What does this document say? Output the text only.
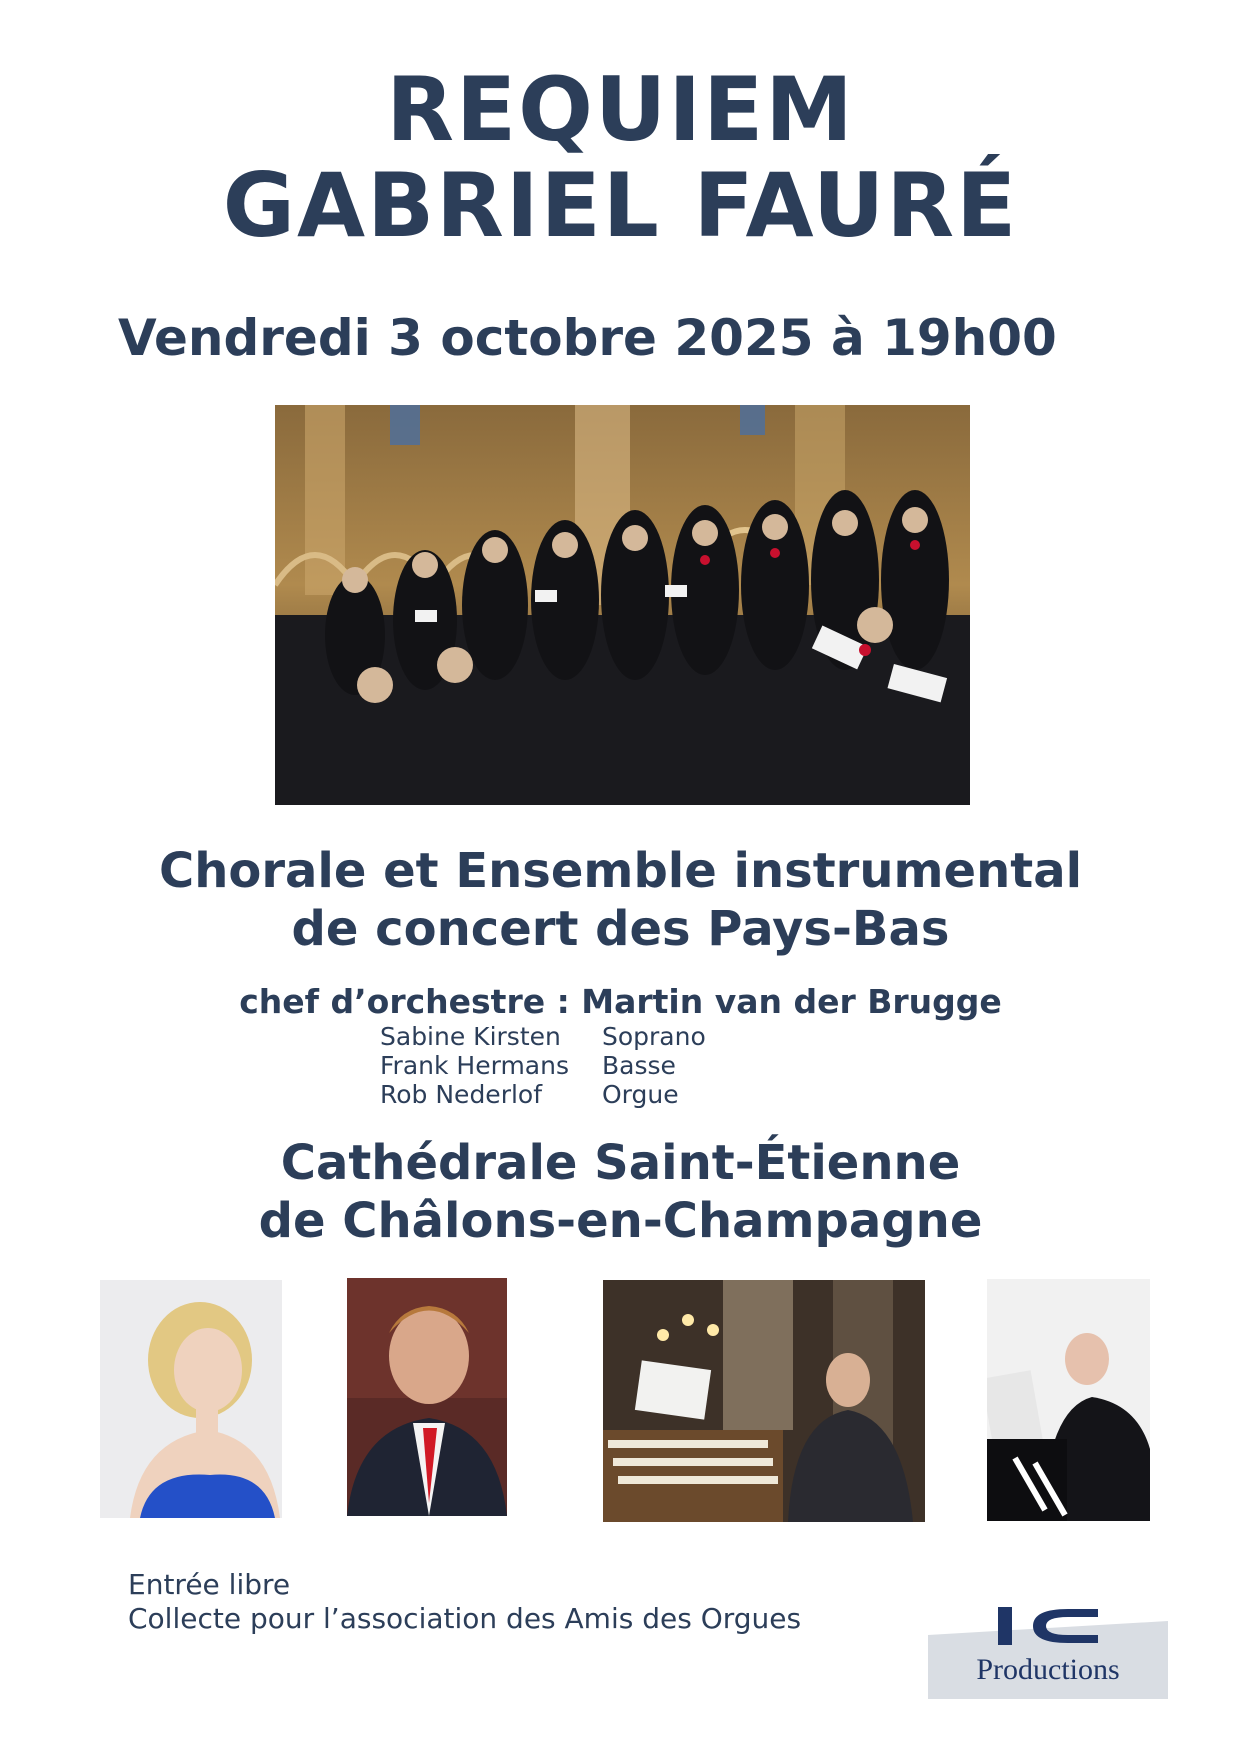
REQUIEM
GABRIEL FAURÉ
Vendredi 3 octobre 2025 à 19h00
Chorale et Ensemble instrumental
de concert des Pays-Bas
chef d’orchestre : Martin van der Brugge
Sabine Kirsten Soprano
Frank Hermans Basse
Rob Nederlof Orgue
Cathédrale Saint-Étienne
de Châlons-en-Champagne
Entrée libre
Collecte pour l’association des Amis des Orgues
Productions
